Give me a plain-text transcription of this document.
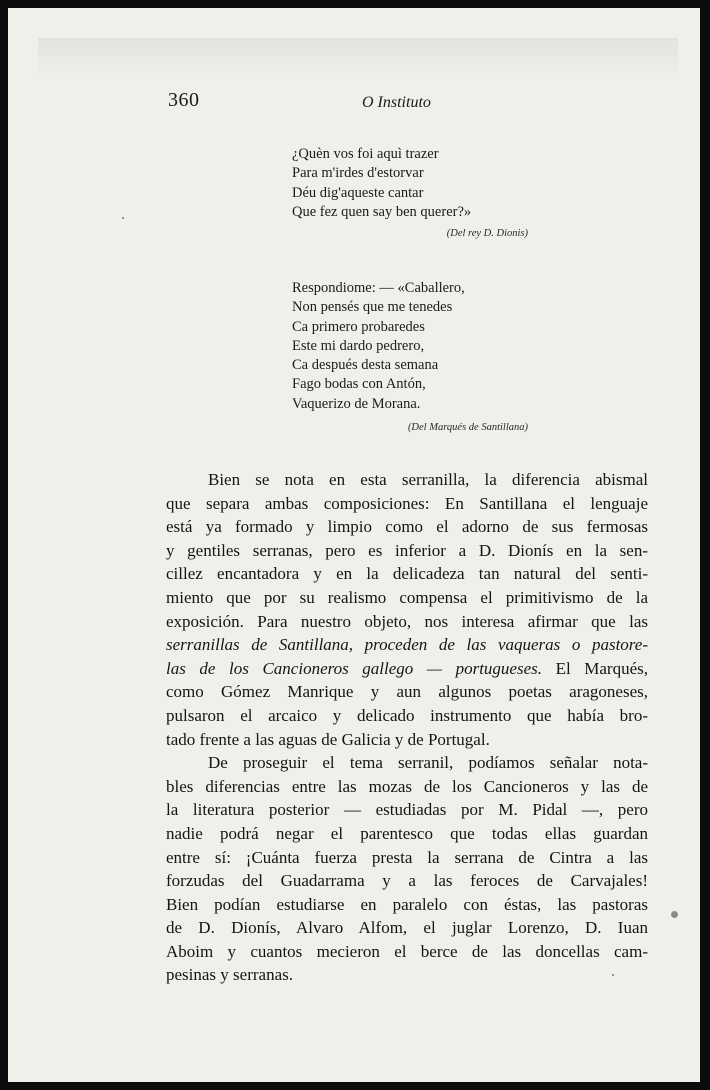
360	O Instituto
¿Quèn vos foi aquì trazer
Para m'irdes d'estorvar
Déu dig'aqueste cantar
Que fez quen say ben querer?»
(Del rey D. Dionis)
Respondiome: — «Caballero,
Non pensés que me tenedes
Ca primero probaredes
Este mi dardo pedrero,
Ca después desta semana
Fago bodas con Antón,
Vaquerizo de Morana.
(Del Marqués de Santillana)
Bien se nota en esta serranilla, la diferencia abismal
que separa ambas composiciones: En Santillana el lenguaje
está ya formado y limpio como el adorno de sus fermosas
y gentiles serranas, pero es inferior a D. Dionís en la sen-
cillez encantadora y en la delicadeza tan natural del senti-
miento que por su realismo compensa el primitivismo de la
exposición. Para nuestro objeto, nos interesa afirmar que las
serranillas de Santillana, proceden de las vaqueras o pastore-
las de los Cancioneros gallego — portugueses. El Marqués,
como Gómez Manrique y aun algunos poetas aragoneses,
pulsaron el arcaico y delicado instrumento que había bro-
tado frente a las aguas de Galicia y de Portugal.
De proseguir el tema serranil, podíamos señalar nota-
bles diferencias entre las mozas de los Cancioneros y las de
la literatura posterior — estudiadas por M. Pidal —, pero
nadie podrá negar el parentesco que todas ellas guardan
entre sí: ¡Cuánta fuerza presta la serrana de Cintra a las
forzudas del Guadarrama y a las feroces de Carvajales!
Bien podían estudiarse en paralelo con éstas, las pastoras
de D. Dionís, Alvaro Alfom, el juglar Lorenzo, D. Iuan
Aboim y cuantos mecieron el berce de las doncellas cam-
pesinas y serranas.
